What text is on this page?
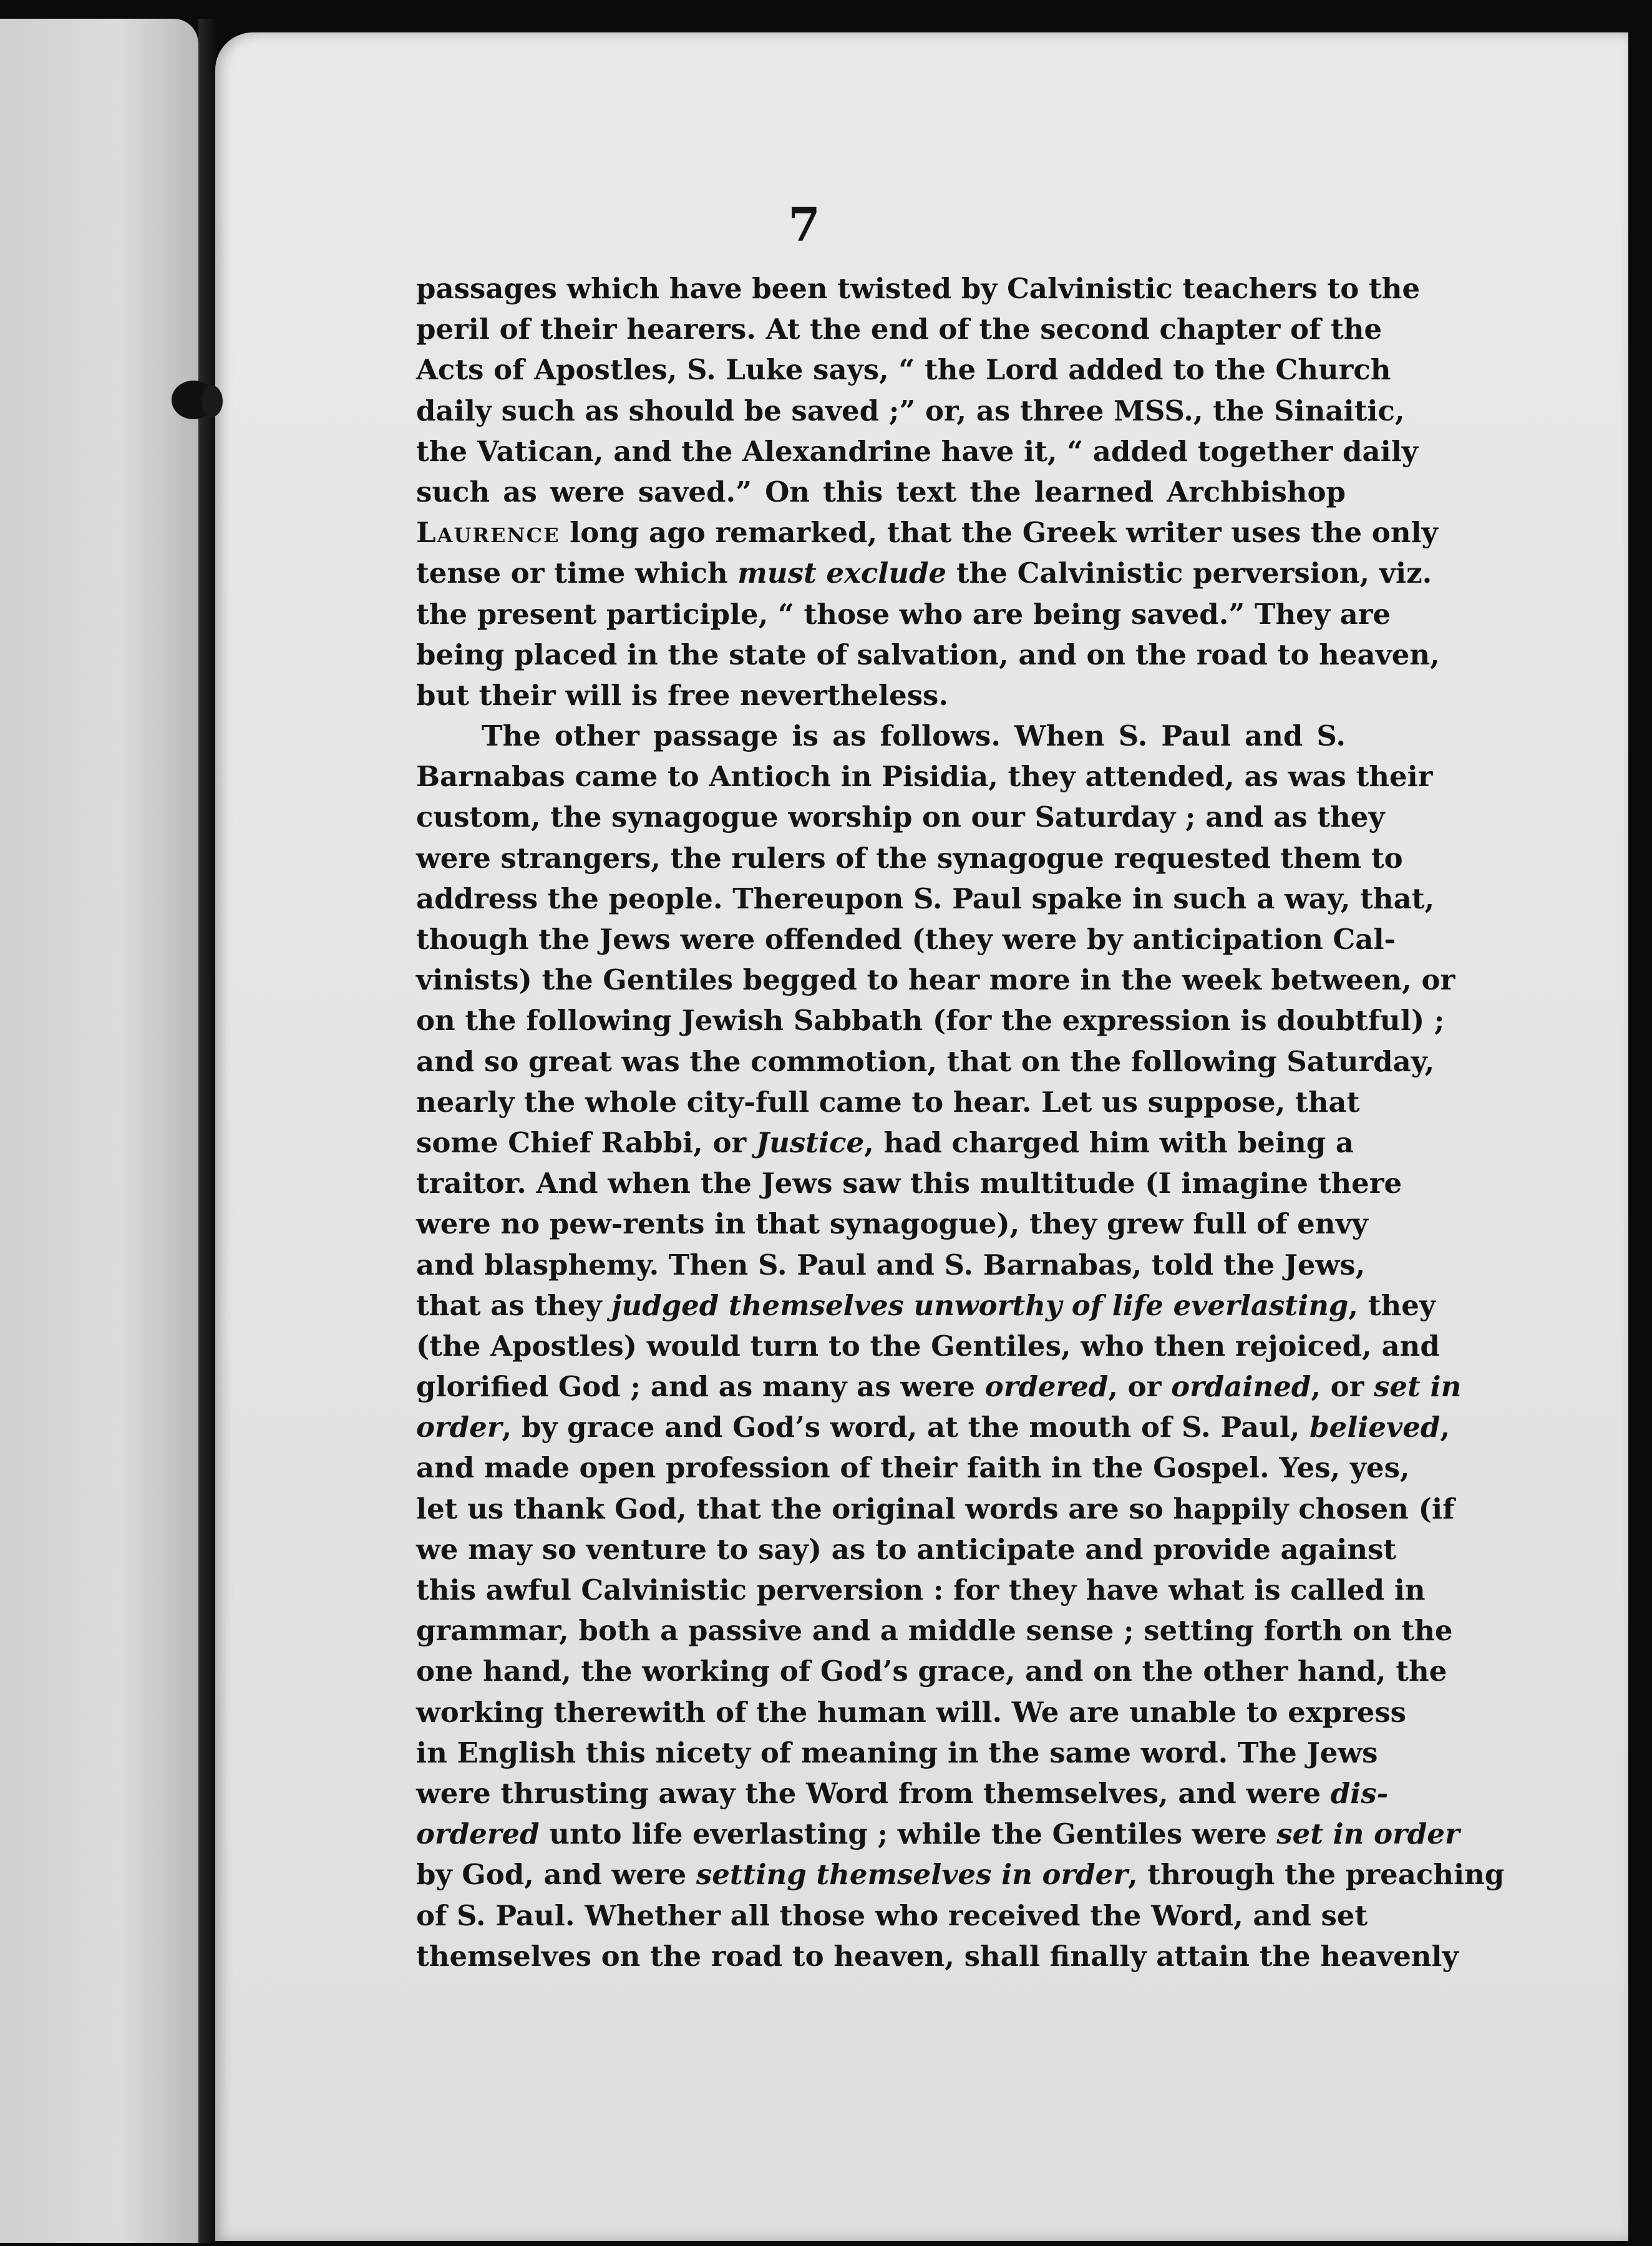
7
passages which have been twisted by Calvinistic teachers to the
peril of their hearers. At the end of the second chapter of the
Acts of Apostles, S. Luke says, “ the Lord added to the Church
daily such as should be saved ;” or, as three MSS., the Sinaitic,
the Vatican, and the Alexandrine have it, “ added together daily
such as were saved.” On this text the learned Archbishop
Laurence long ago remarked, that the Greek writer uses the only
tense or time which must exclude the Calvinistic perversion, viz.
the present participle, “ those who are being saved.” They are
being placed in the state of salvation, and on the road to heaven,
but their will is free nevertheless.
The other passage is as follows. When S. Paul and S.
Barnabas came to Antioch in Pisidia, they attended, as was their
custom, the synagogue worship on our Saturday ; and as they
were strangers, the rulers of the synagogue requested them to
address the people. Thereupon S. Paul spake in such a way, that,
though the Jews were offended (they were by anticipation Cal-
vinists) the Gentiles begged to hear more in the week between, or
on the following Jewish Sabbath (for the expression is doubtful) ;
and so great was the commotion, that on the following Saturday,
nearly the whole city-full came to hear. Let us suppose, that
some Chief Rabbi, or Justice, had charged him with being a
traitor. And when the Jews saw this multitude (I imagine there
were no pew-rents in that synagogue), they grew full of envy
and blasphemy. Then S. Paul and S. Barnabas, told the Jews,
that as they judged themselves unworthy of life everlasting, they
(the Apostles) would turn to the Gentiles, who then rejoiced, and
glorified God ; and as many as were ordered, or ordained, or set in
order, by grace and God’s word, at the mouth of S. Paul, believed,
and made open profession of their faith in the Gospel. Yes, yes,
let us thank God, that the original words are so happily chosen (if
we may so venture to say) as to anticipate and provide against
this awful Calvinistic perversion : for they have what is called in
grammar, both a passive and a middle sense ; setting forth on the
one hand, the working of God’s grace, and on the other hand, the
working therewith of the human will. We are unable to express
in English this nicety of meaning in the same word. The Jews
were thrusting away the Word from themselves, and were dis-
ordered unto life everlasting ; while the Gentiles were set in order
by God, and were setting themselves in order, through the preaching
of S. Paul. Whether all those who received the Word, and set
themselves on the road to heaven, shall finally attain the heavenly
